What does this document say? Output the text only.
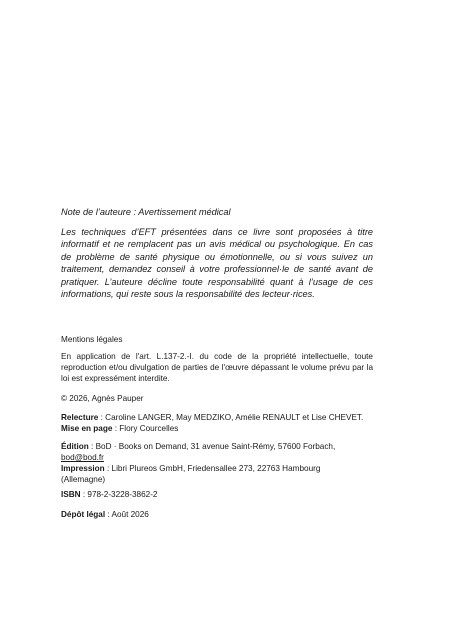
Note de l’auteure : Avertissement médical

Les techniques d’EFT présentées dans ce livre sont proposées à titre informatif et ne remplacent pas un avis médical ou psychologique. En cas de problème de santé physique ou émotionnelle, ou si vous suivez un traitement, demandez conseil à votre professionnel·le de santé avant de pratiquer. L’auteure décline toute responsabilité quant à l’usage de ces informations, qui reste sous la responsabilité des lecteur·rices.

Mentions légales

En application de l'art. L.137-2.-I. du code de la propriété intellectuelle, toute reproduction et/ou divulgation de parties de l'œuvre dépassant le volume prévu par la loi est expressément interdite.

© 2026, Agnès Pauper
Relecture : Caroline LANGER, May MEDZIKO, Amélie RENAULT et Lise CHEVET.
Mise en page : Flory Courcelles
Édition : BoD · Books on Demand, 31 avenue Saint-Rémy, 57600 Forbach,
bod@bod.fr
Impression : Libri Plureos GmbH, Friedensallee 273, 22763 Hambourg
(Allemagne)
ISBN : 978-2-3228-3862-2
Dépôt légal : Août 2026
